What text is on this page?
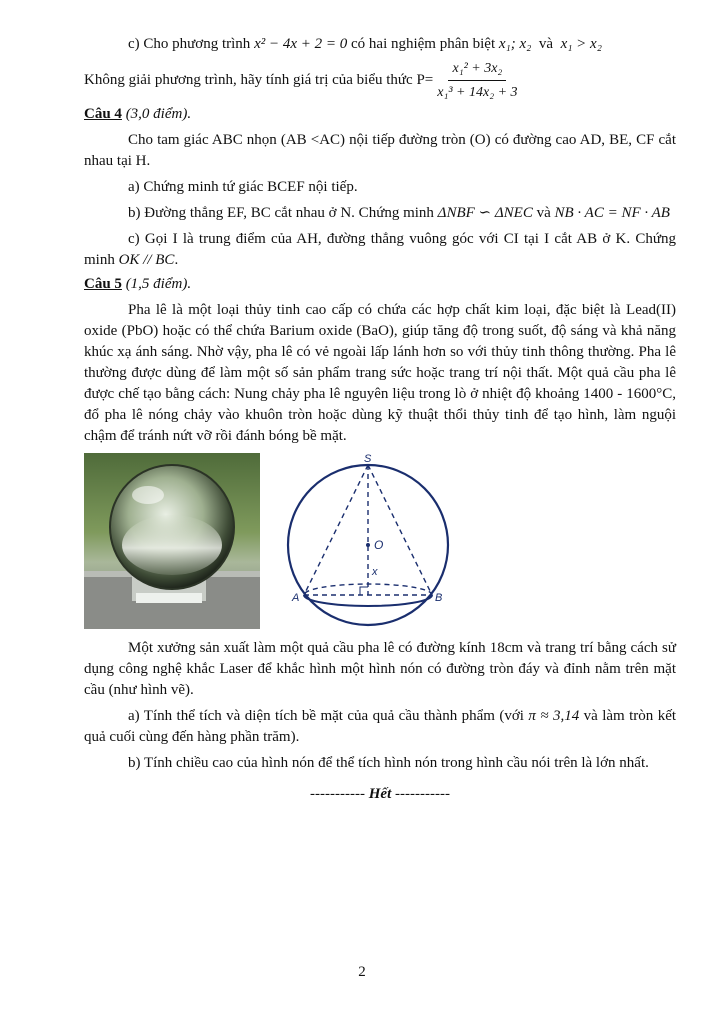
c) Cho phương trình x² − 4x + 2 = 0 có hai nghiệm phân biệt x₁; x₂ và x₁ > x₂

Không giải phương trình, hãy tính giá trị của biểu thức $P= \frac{\text{x₁² + 3x₂}}{\text{x₁³ + 14x₂ + 3}}$

Câu 4 (3,0 điểm).

Cho tam giác ABC nhọn (AB <AC) nội tiếp đường tròn (O) có đường cao AD, BE, CF cắt nhau tại H.

a) Chứng minh tứ giác BCEF nội tiếp.

b) Đường thẳng EF, BC cắt nhau ở N. Chứng minh ΔNBF ∽ ΔNEC và NB · AC = NF · AB

c) Gọi I là trung điểm của AH, đường thẳng vuông góc với CI tại I cắt AB ở K. Chứng minh OK // BC.

Câu 5 (1,5 điểm).

Pha lê là một loại thủy tinh cao cấp có chứa các hợp chất kim loại, đặc biệt là Lead(II) oxide (PbO) hoặc có thể chứa Barium oxide (BaO), giúp tăng độ trong suốt, độ sáng và khả năng khúc xạ ánh sáng. Nhờ vậy, pha lê có vẻ ngoài lấp lánh hơn so với thủy tinh thông thường. Pha lê thường được dùng để làm một số sản phẩm trang sức hoặc trang trí nội thất. Một quả cầu pha lê được chế tạo bằng cách: Nung chảy pha lê nguyên liệu trong lò ở nhiệt độ khoảng 1400 - 1600°C, đổ pha lê nóng chảy vào khuôn tròn hoặc dùng kỹ thuật thổi thủy tinh để tạo hình, làm nguội chậm để tránh nứt vỡ rồi đánh bóng bề mặt.

S
O
x
A	B

Một xưởng sản xuất làm một quả cầu pha lê có đường kính 18cm và trang trí bằng cách sử dụng công nghệ khắc Laser để khắc hình một hình nón có đường tròn đáy và đỉnh nằm trên mặt cầu (như hình vẽ).

a) Tính thể tích và diện tích bề mặt của quả cầu thành phẩm (với π ≈ 3,14 và làm tròn kết quả cuối cùng đến hàng phần trăm).

b) Tính chiều cao của hình nón để thể tích hình nón trong hình cầu nói trên là lớn nhất.

----------- Hết -----------

2
